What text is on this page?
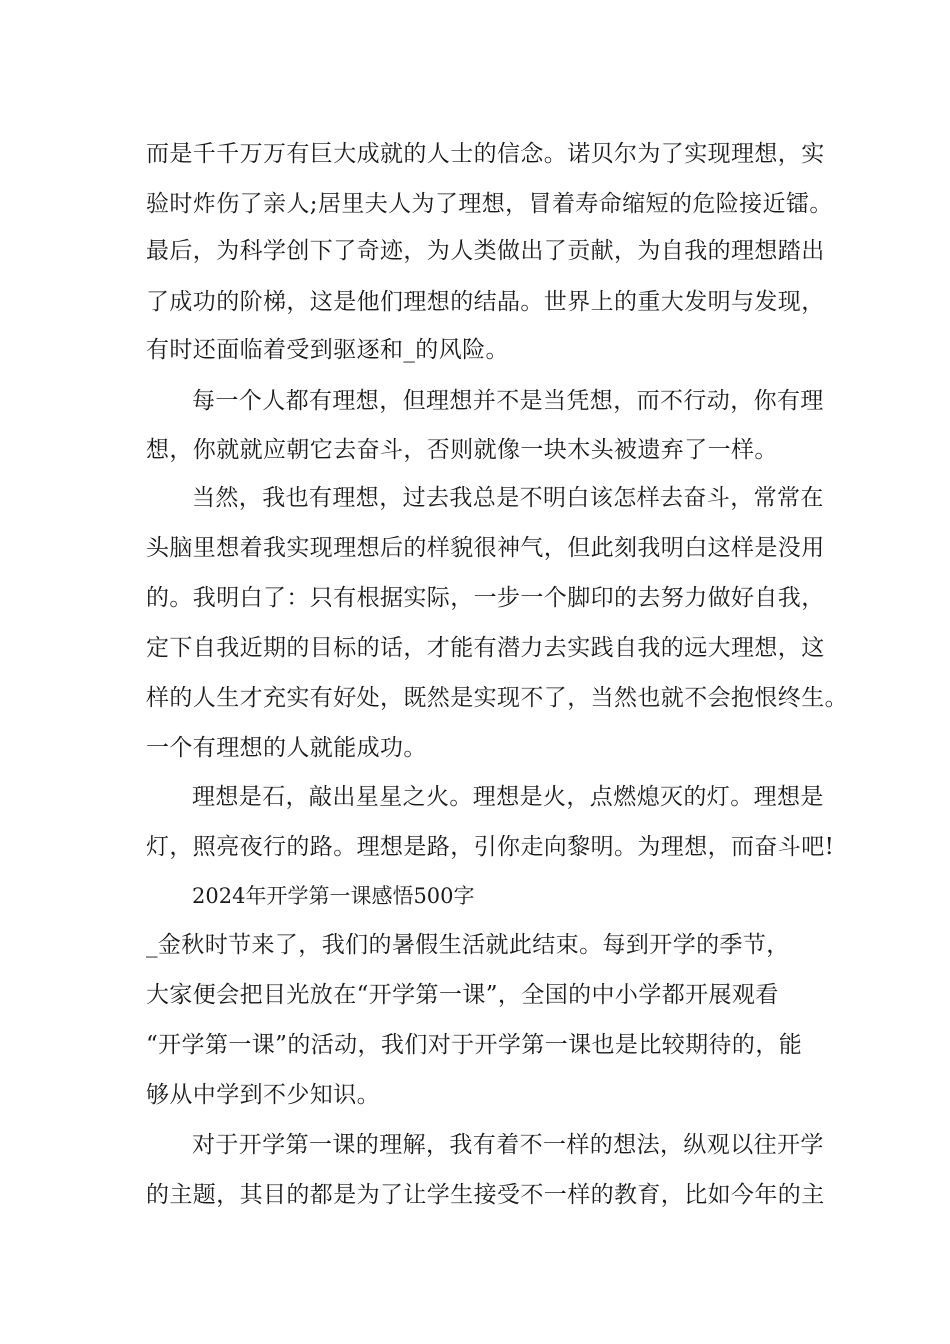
而是千千万万有巨大成就的人士的信念。诺贝尔为了实现理想，实
验时炸伤了亲人;居里夫人为了理想，冒着寿命缩短的危险接近镭。
最后，为科学创下了奇迹，为人类做出了贡献，为自我的理想踏出
了成功的阶梯，这是他们理想的结晶。世界上的重大发明与发现，
有时还面临着受到驱逐和_的风险。
每一个人都有理想，但理想并不是当凭想，而不行动，你有理
想，你就就应朝它去奋斗，否则就像一块木头被遗弃了一样。
当然，我也有理想，过去我总是不明白该怎样去奋斗，常常在
头脑里想着我实现理想后的样貌很神气，但此刻我明白这样是没用
的。我明白了：只有根据实际，一步一个脚印的去努力做好自我，
定下自我近期的目标的话，才能有潜力去实践自我的远大理想，这
样的人生才充实有好处，既然是实现不了，当然也就不会抱恨终生。
一个有理想的人就能成功。
理想是石，敲出星星之火。理想是火，点燃熄灭的灯。理想是
灯，照亮夜行的路。理想是路，引你走向黎明。为理想，而奋斗吧!
2024年开学第一课感悟500字
_金秋时节来了，我们的暑假生活就此结束。每到开学的季节，
大家便会把目光放在“开学第一课”，全国的中小学都开展观看
“开学第一课”的活动，我们对于开学第一课也是比较期待的，能
够从中学到不少知识。
对于开学第一课的理解，我有着不一样的想法，纵观以往开学
的主题，其目的都是为了让学生接受不一样的教育，比如今年的主
